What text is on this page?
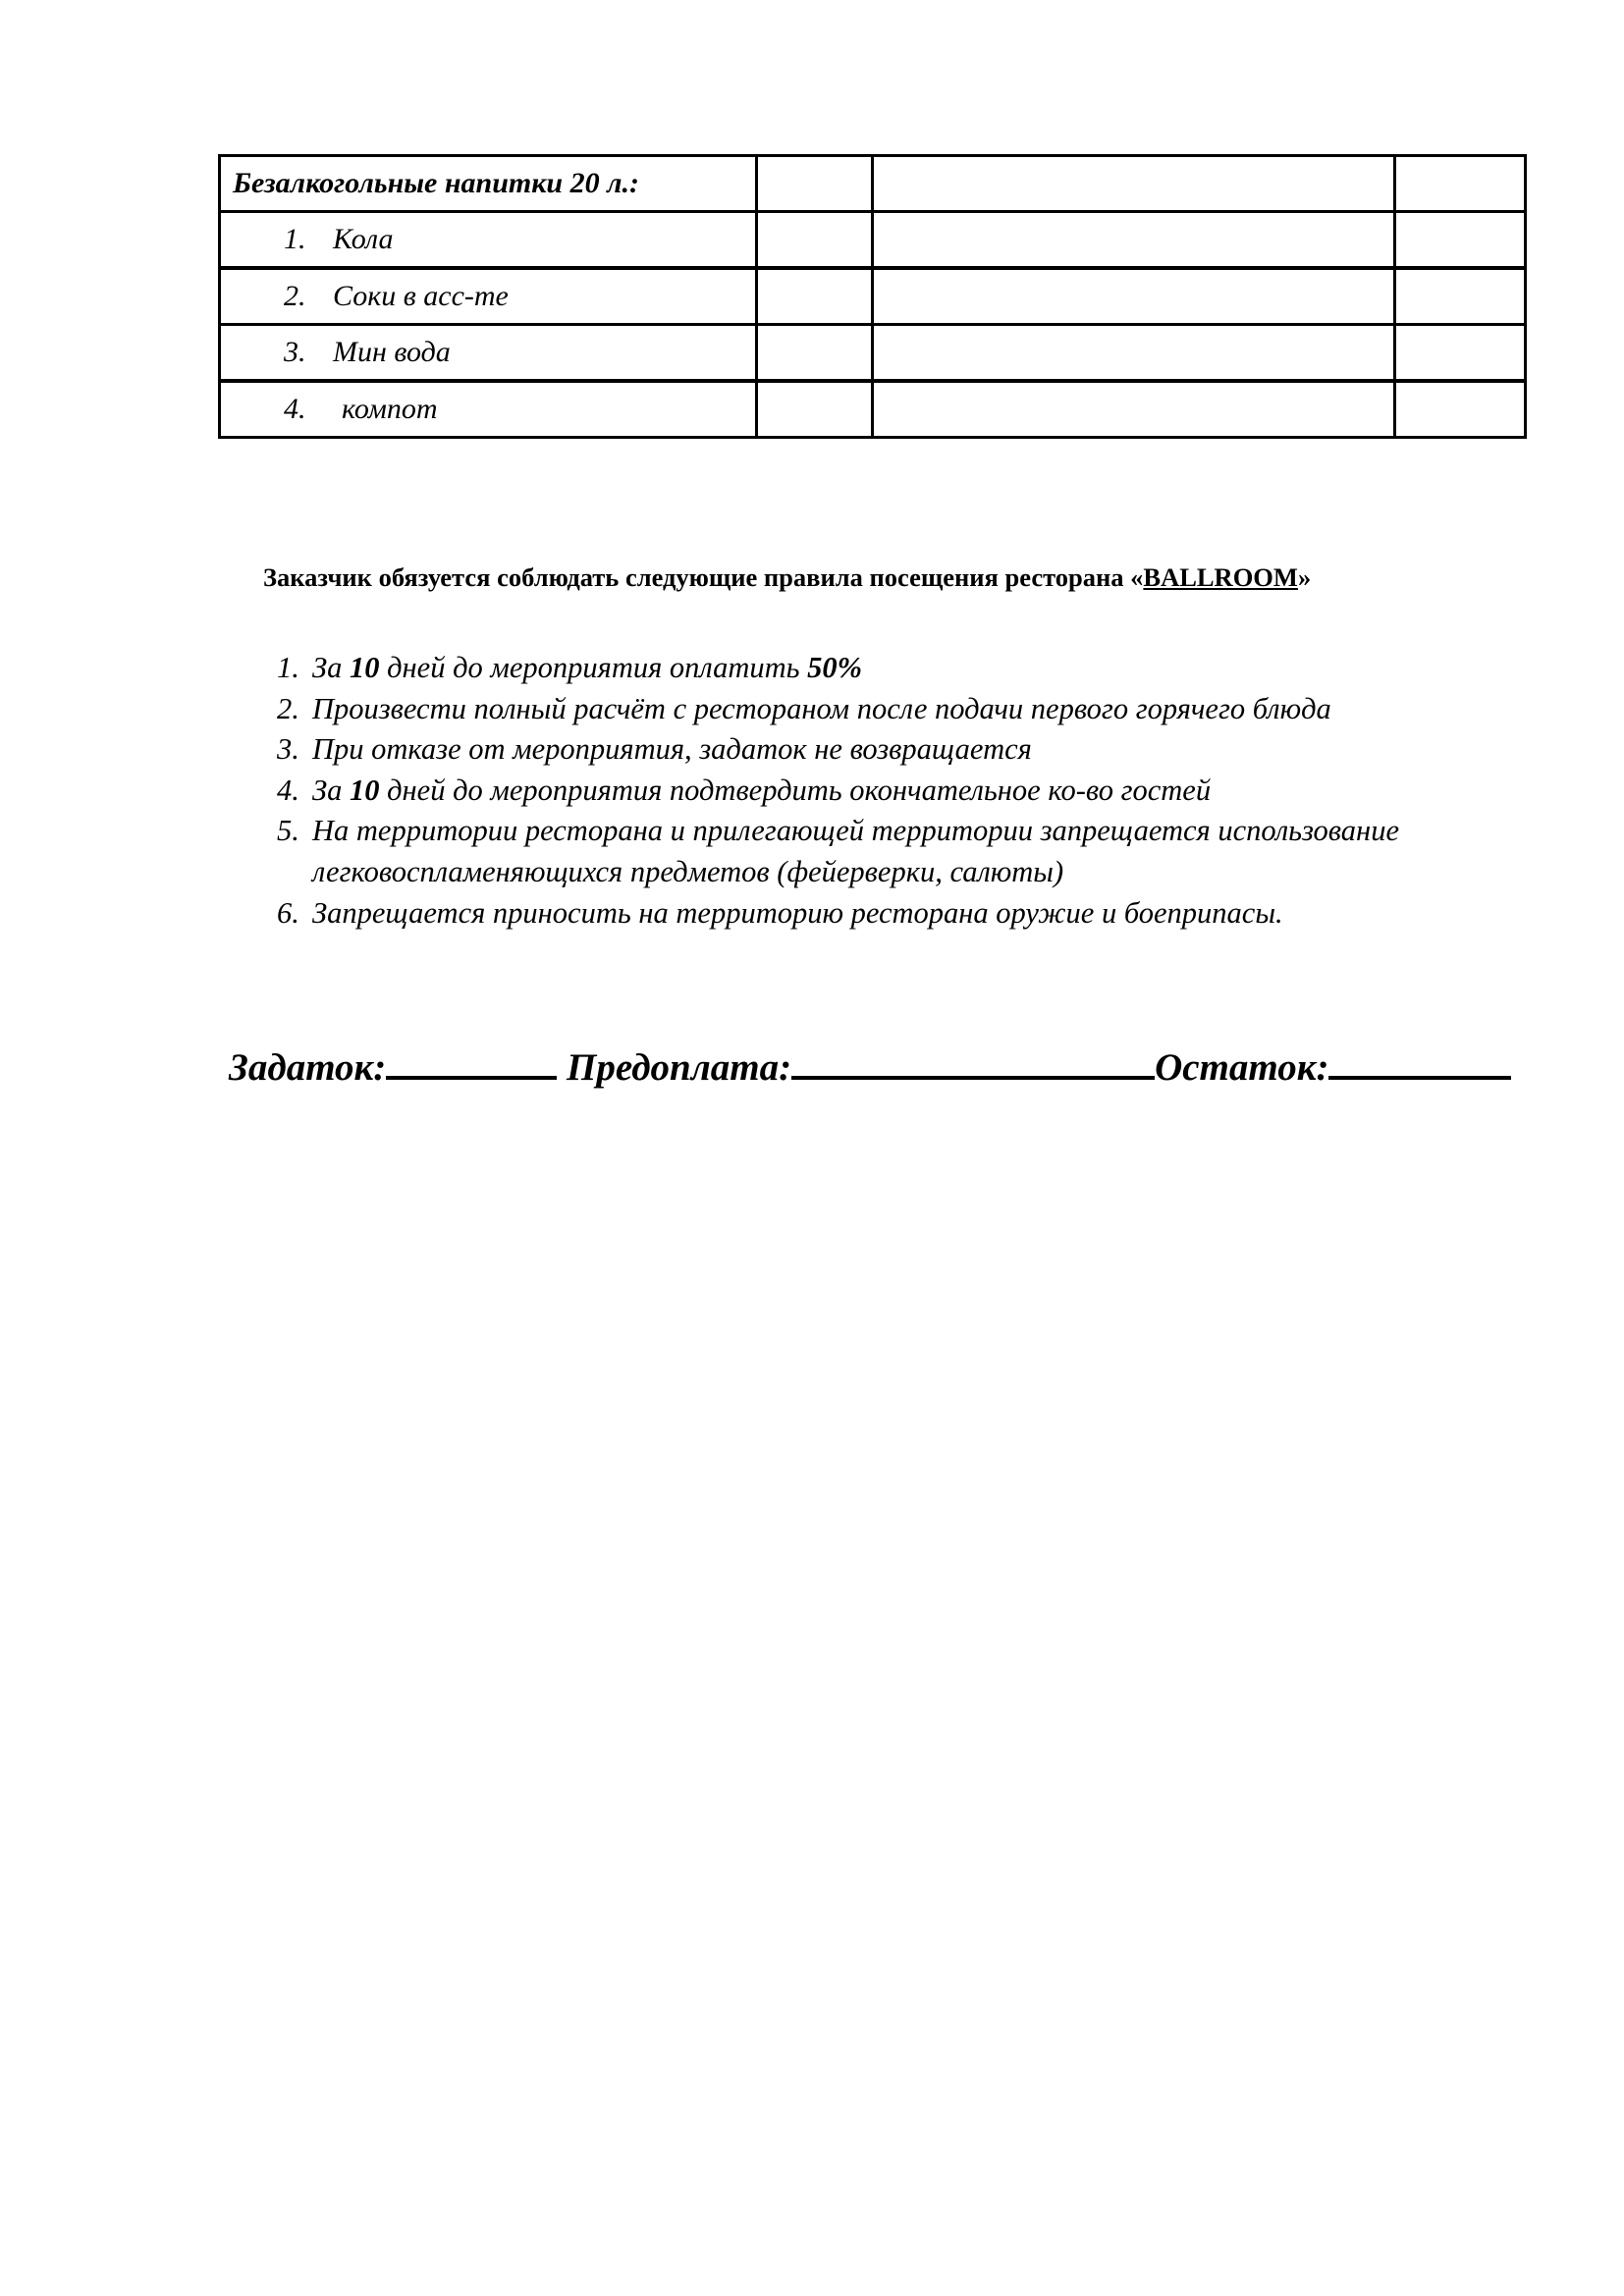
Безалкогольные напитки 20 л.:			
1. Кола			
2. Соки в асс-те			
3. Мин вода			
4. компот			
Заказчик обязуется соблюдать следующие правила посещения ресторана «BALLROOM»
1. За 10 дней до мероприятия оплатить 50%
2. Произвести полный расчёт с рестораном после подачи первого горячего блюда
3. При отказе от мероприятия, задаток не возвращается
4. За 10 дней до мероприятия подтвердить окончательное ко-во гостей
5. На территории ресторана и прилегающей территории запрещается использование легковоспламеняющихся предметов (фейерверки, салюты)
6. Запрещается приносить на территорию ресторана оружие и боеприпасы.
Задаток:	Предоплата:	Остаток:
